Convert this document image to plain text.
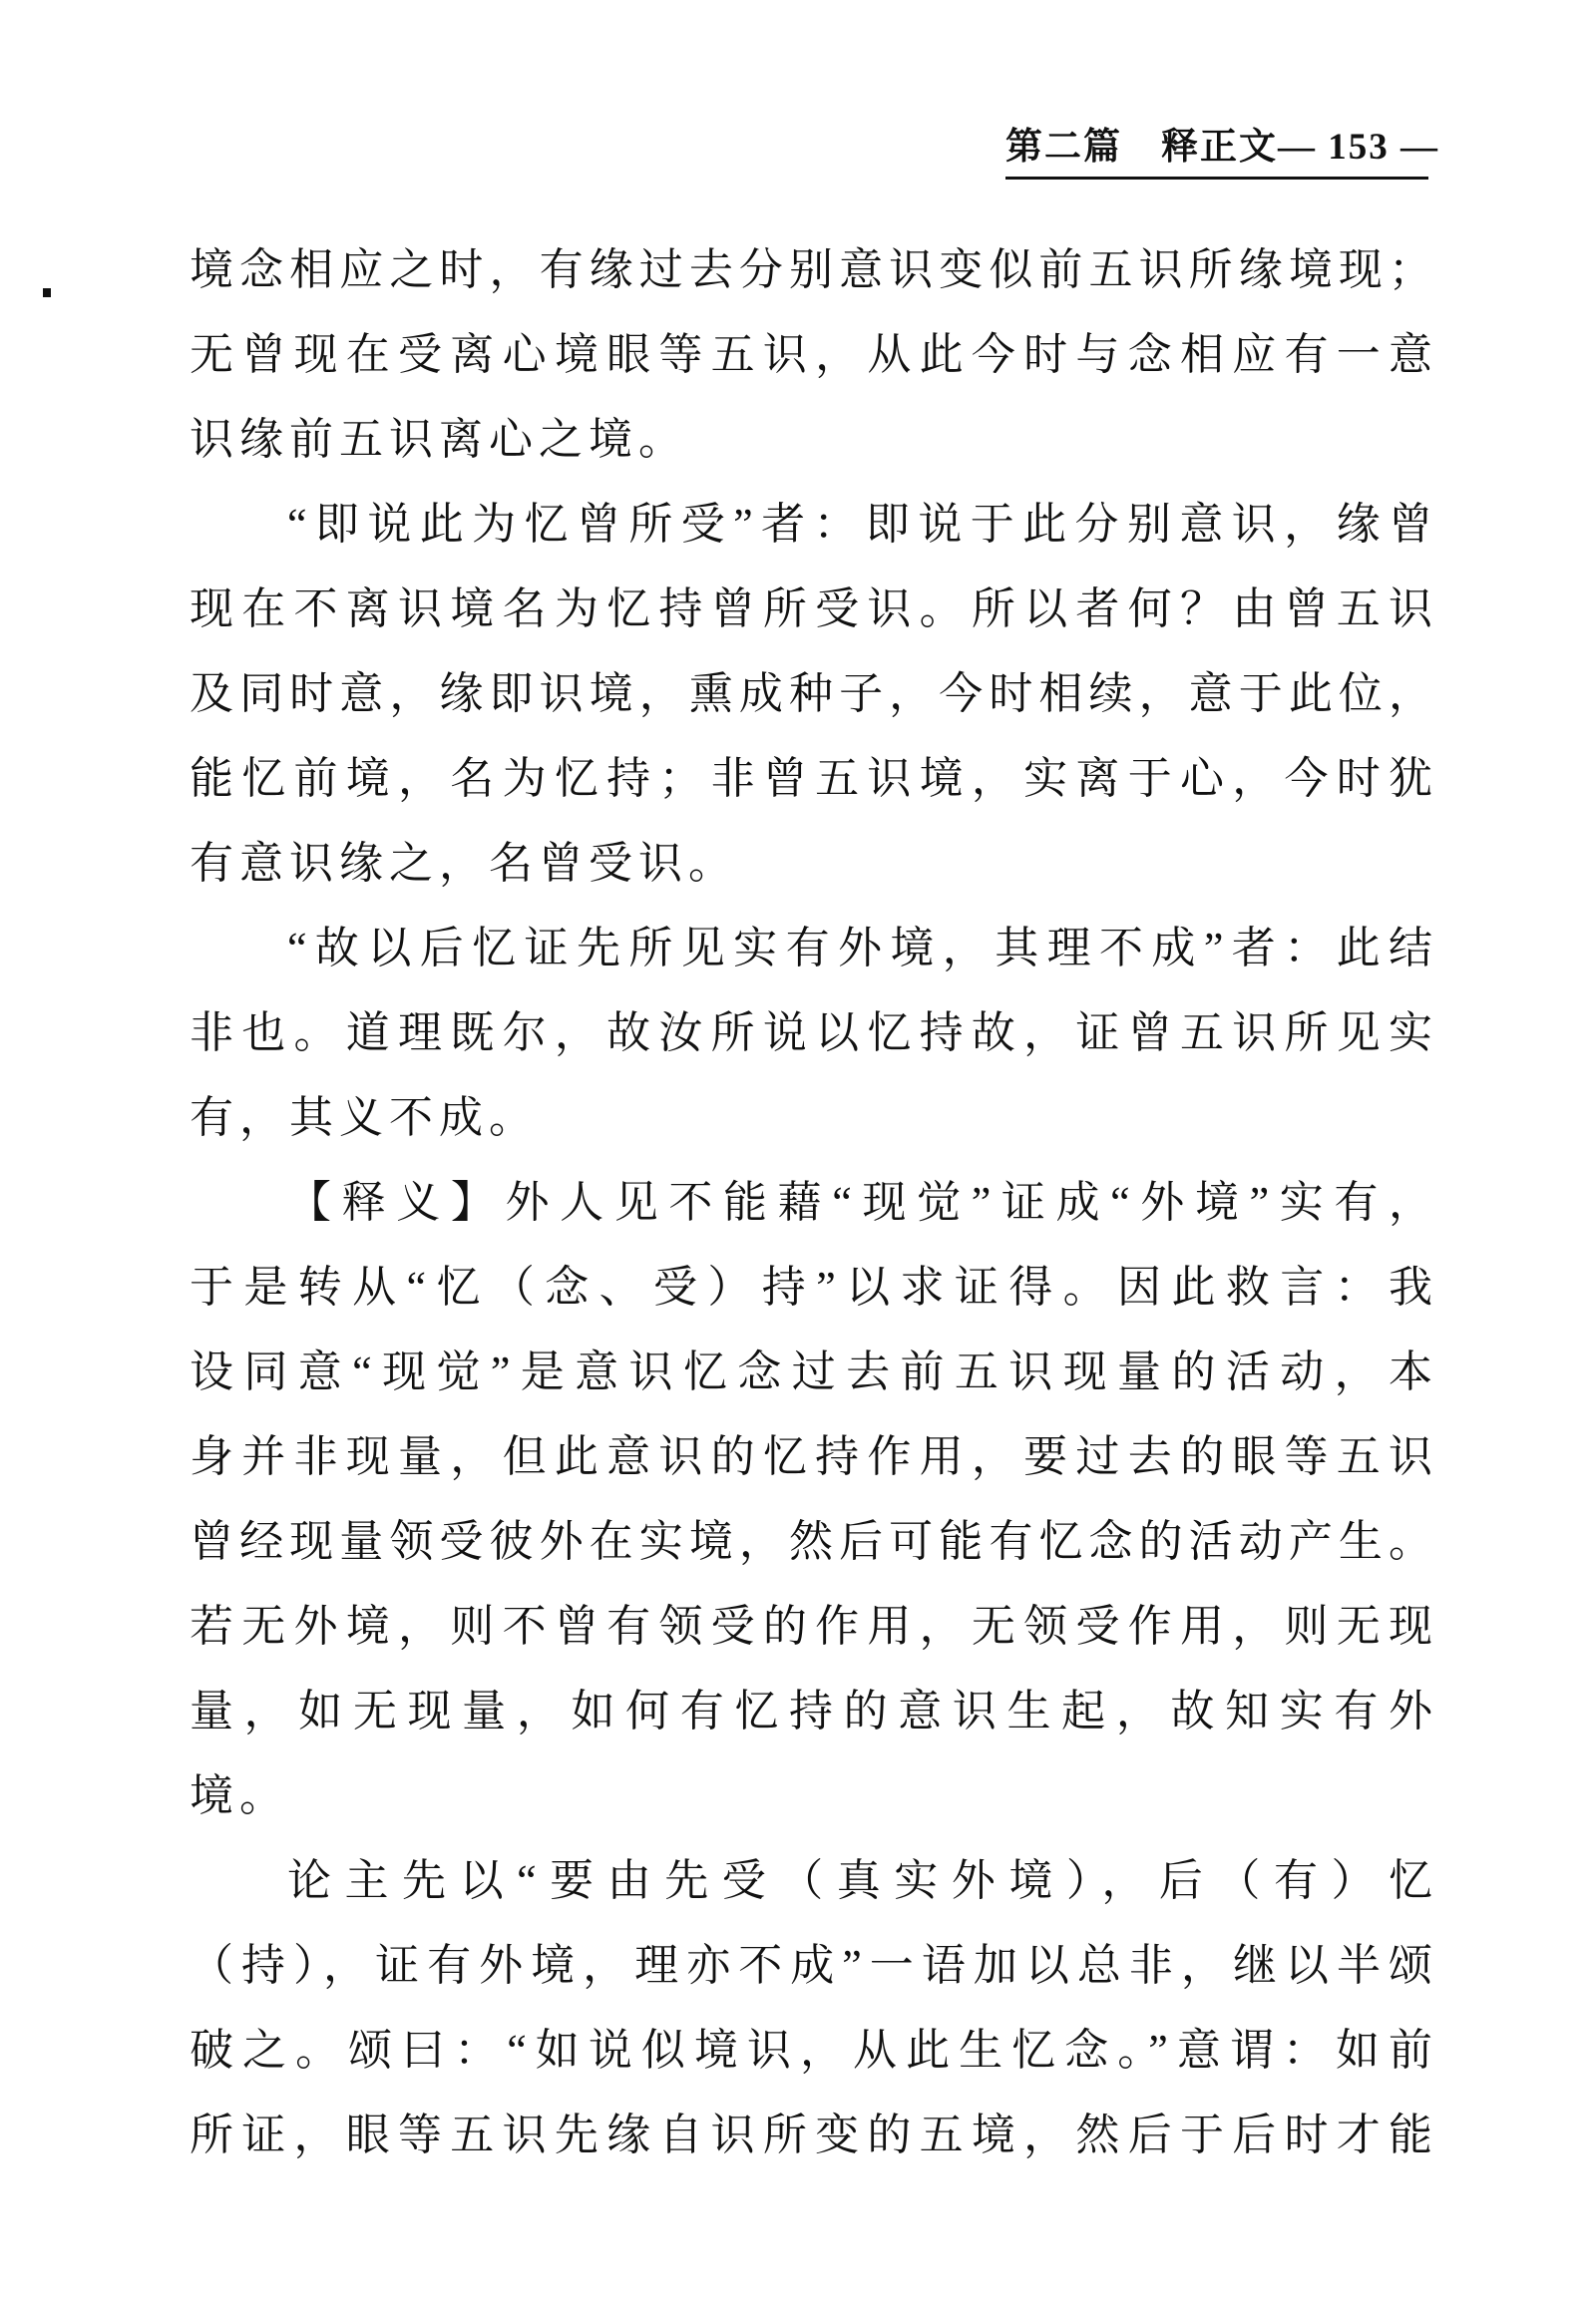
第二篇　释正文— 153 —
境念相应之时，有缘过去分别意识变似前五识所缘境现；
无曾现在受离心境眼等五识，从此今时与念相应有一意
识缘前五识离心之境。
“即说此为忆曾所受”者：即说于此分别意识，缘曾
现在不离识境名为忆持曾所受识。所以者何？由曾五识
及同时意，缘即识境，熏成种子，今时相续，意于此位，
能忆前境，名为忆持；非曾五识境，实离于心，今时犹
有意识缘之，名曾受识。
“故以后忆证先所见实有外境，其理不成”者：此结
非也。道理既尔，故汝所说以忆持故，证曾五识所见实
有，其义不成。
【释义】外人见不能藉“现觉”证成“外境”实有，
于是转从“忆（念、受）持”以求证得。因此救言：我
设同意“现觉”是意识忆念过去前五识现量的活动，本
身并非现量，但此意识的忆持作用，要过去的眼等五识
曾经现量领受彼外在实境，然后可能有忆念的活动产生。
若无外境，则不曾有领受的作用，无领受作用，则无现
量，如无现量，如何有忆持的意识生起，故知实有外
境。
论主先以“要由先受（真实外境），后（有）忆
（持），证有外境，理亦不成”一语加以总非，继以半颂
破之。颂曰：“如说似境识，从此生忆念。”意谓：如前
所证，眼等五识先缘自识所变的五境，然后于后时才能
